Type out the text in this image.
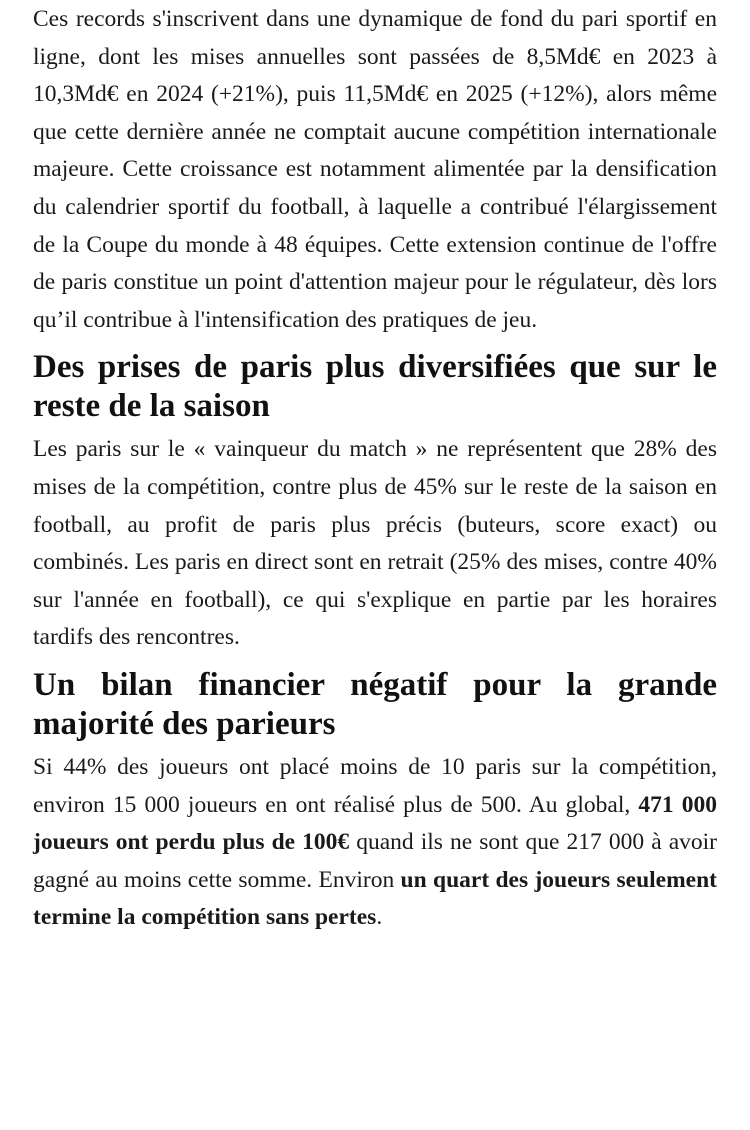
Ces records s'inscrivent dans une dynamique de fond du pari sportif en ligne, dont les mises annuelles sont passées de 8,5Md€ en 2023 à 10,3Md€ en 2024 (+21%), puis 11,5Md€ en 2025 (+12%), alors même que cette dernière année ne comptait aucune compétition internationale majeure. Cette croissance est notamment alimentée par la densification du calendrier sportif du football, à laquelle a contribué l'élargissement de la Coupe du monde à 48 équipes. Cette extension continue de l'offre de paris constitue un point d'attention majeur pour le régulateur, dès lors qu’il contribue à l'intensification des pratiques de jeu.

Des prises de paris plus diversifiées que sur le reste de la saison

Les paris sur le « vainqueur du match » ne représentent que 28% des mises de la compétition, contre plus de 45% sur le reste de la saison en football, au profit de paris plus précis (buteurs, score exact) ou combinés. Les paris en direct sont en retrait (25% des mises, contre 40% sur l'année en football), ce qui s'explique en partie par les horaires tardifs des rencontres.

Un bilan financier négatif pour la grande majorité des parieurs

Si 44% des joueurs ont placé moins de 10 paris sur la compétition, environ 15 000 joueurs en ont réalisé plus de 500. Au global, 471 000 joueurs ont perdu plus de 100€ quand ils ne sont que 217 000 à avoir gagné au moins cette somme. Environ un quart des joueurs seulement termine la compétition sans pertes.
